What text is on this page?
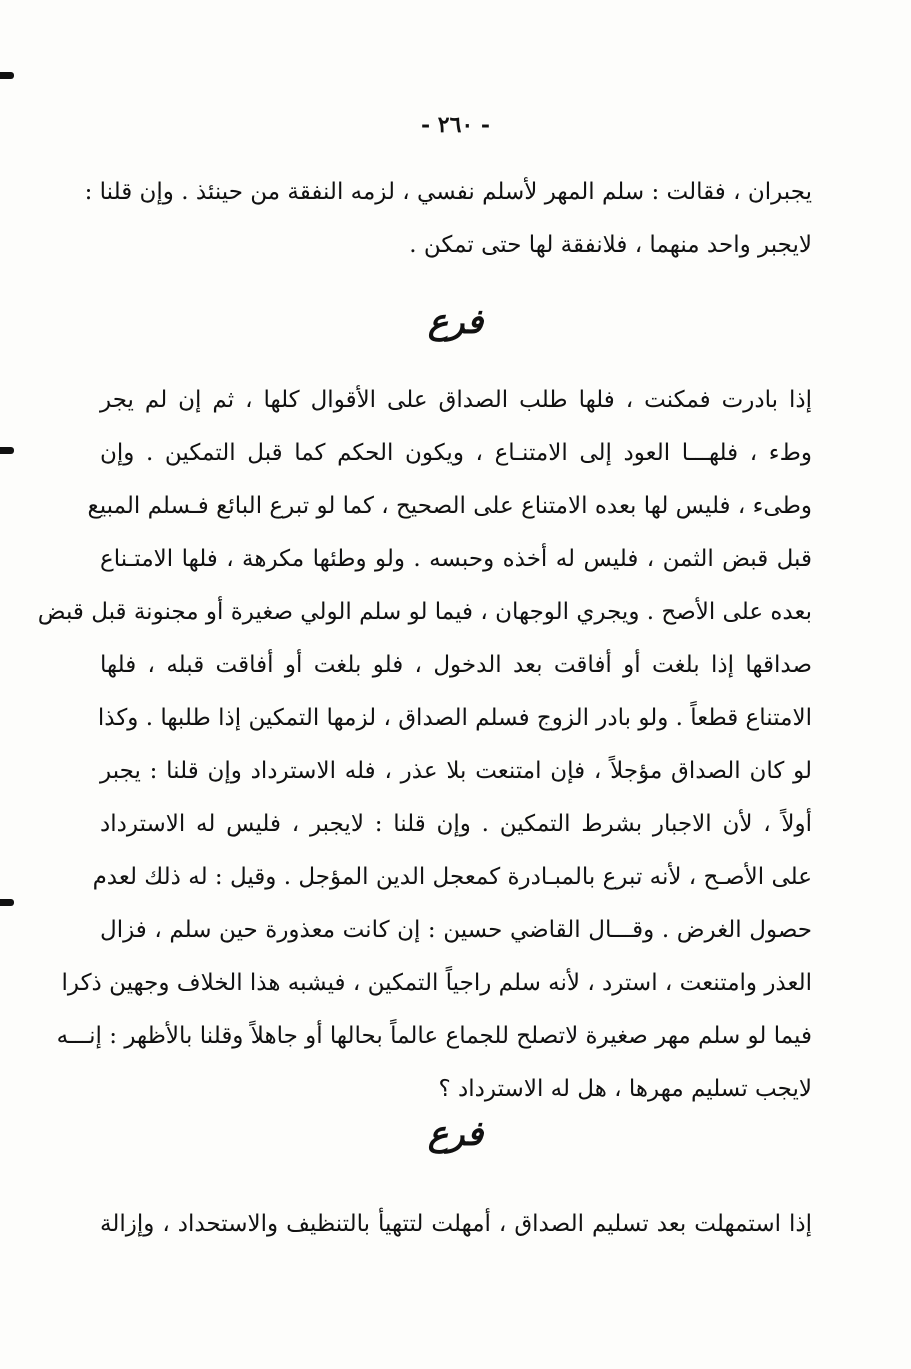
- ٢٦٠ -
يجبران ، فقالت : سلم المهر لأسلم نفسي ، لزمه النفقة من حينئذ . وإن قلنا :
لايجبر واحد منهما ، فلانفقة لها حتى تمكن .
فرع
إذا بادرت فمكنت ، فلها طلب الصداق على الأقوال كلها ، ثم إن لم يجر
وطء ، فلهـــا العود إلى الامتنـاع ، ويكون الحكم كما قبل التمكين . وإن
وطىء ، فليس لها بعده الامتناع على الصحيح ، كما لو تبرع البائع فـسلم المبيع
قبل قبض الثمن ، فليس له أخذه وحبسه . ولو وطئها مكرهة ، فلها الامتـناع
بعده على الأصح . ويجري الوجهان ، فيما لو سلم الولي صغيرة أو مجنونة قبل قبض
صداقها إذا بلغت أو أفاقت بعد الدخول ، فلو بلغت أو أفاقت قبله ، فلها
الامتناع قطعاً . ولو بادر الزوج فسلم الصداق ، لزمها التمكين إذا طلبها . وكذا
لو كان الصداق مؤجلاً ، فإن امتنعت بلا عذر ، فله الاسترداد وإن قلنا : يجبر
أولاً ، لأن الاجبار بشرط التمكين . وإن قلنا : لايجبر ، فليس له الاسترداد
على الأصـح ، لأنه تبرع بالمبـادرة كمعجل الدين المؤجل . وقيل : له ذلك لعدم
حصول الغرض . وقـــال القاضي حسين : إن كانت معذورة حين سلم ، فزال
العذر وامتنعت ، استرد ، لأنه سلم راجياً التمكين ، فيشبه هذا الخلاف وجهين ذكرا
فيما لو سلم مهر صغيرة لاتصلح للجماع عالماً بحالها أو جاهلاً وقلنا بالأظهر : إنـــه
لايجب تسليم مهرها ، هل له الاسترداد ؟
فرع
إذا استمهلت بعد تسليم الصداق ، أمهلت لتتهيأ بالتنظيف والاستحداد ، وإزالة
